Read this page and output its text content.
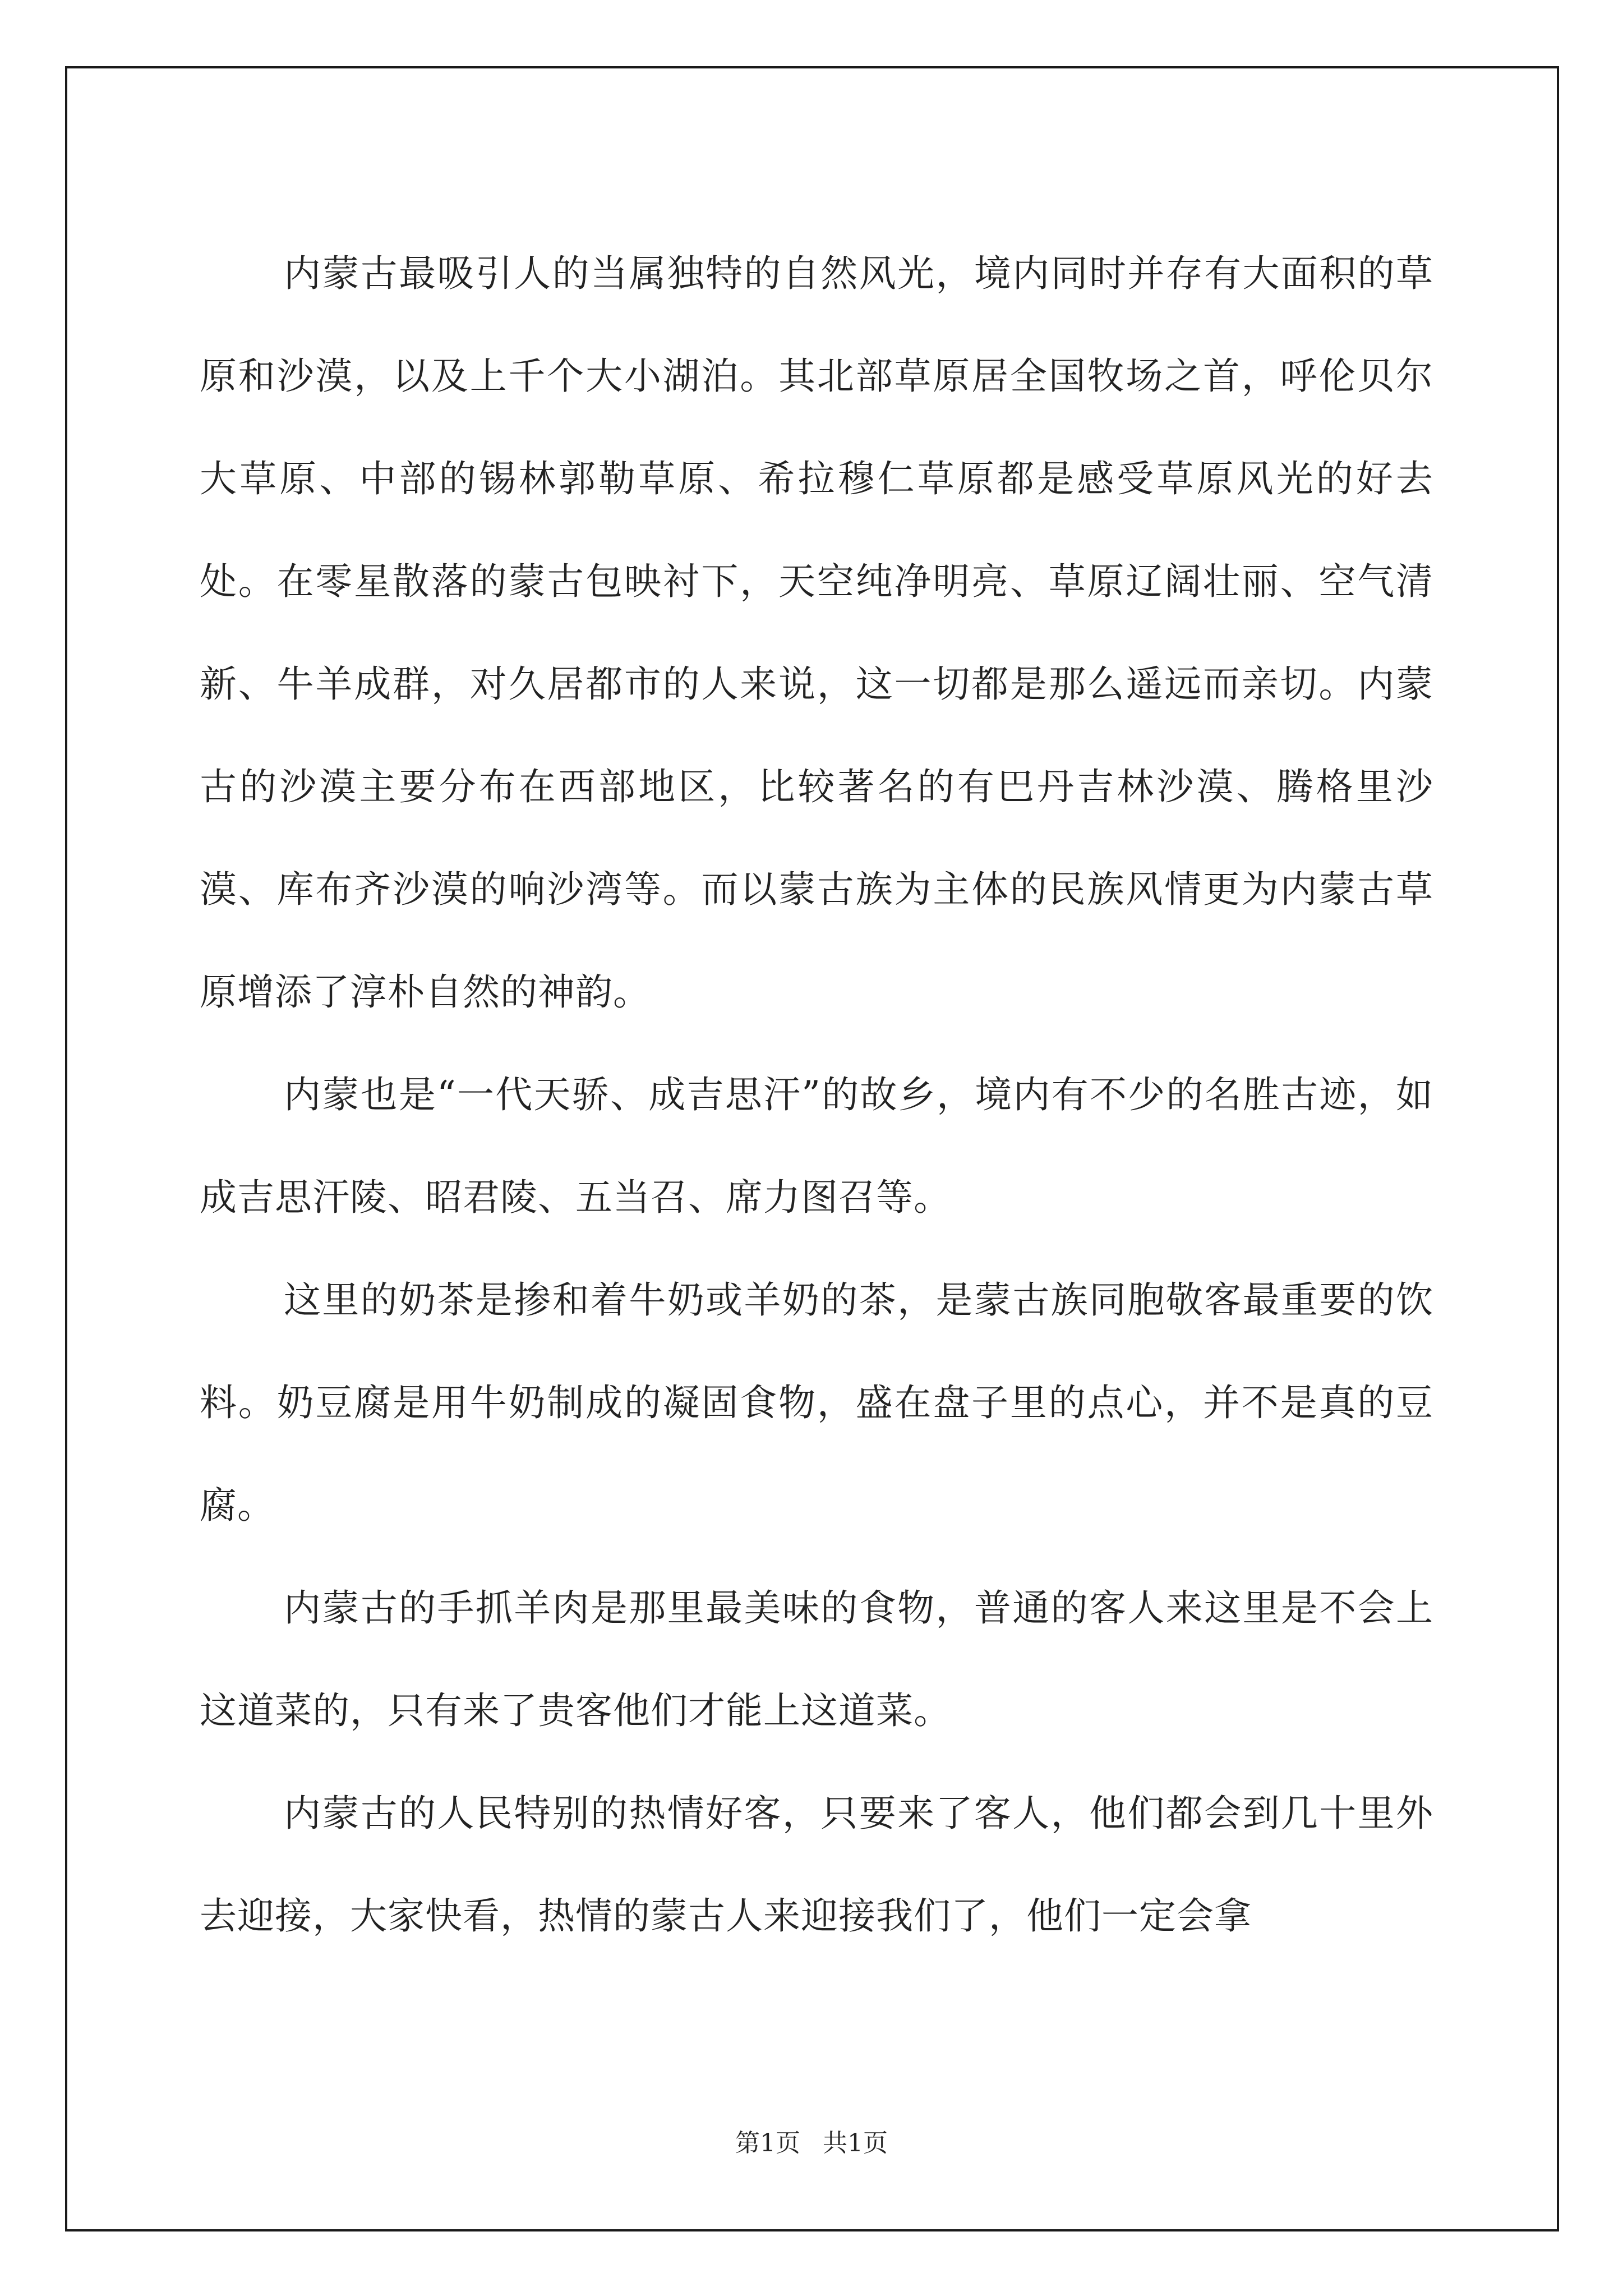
内蒙古最吸引人的当属独特的自然风光，境内同时并存有大面积的草原和沙漠，以及上千个大小湖泊。其北部草原居全国牧场之首，呼伦贝尔大草原、中部的锡林郭勒草原、希拉穆仁草原都是感受草原风光的好去处。在零星散落的蒙古包映衬下，天空纯净明亮、草原辽阔壮丽、空气清新、牛羊成群，对久居都市的人来说，这一切都是那么遥远而亲切。内蒙古的沙漠主要分布在西部地区，比较著名的有巴丹吉林沙漠、腾格里沙漠、库布齐沙漠的响沙湾等。而以蒙古族为主体的民族风情更为内蒙古草原增添了淳朴自然的神韵。

内蒙也是“一代天骄、成吉思汗”的故乡，境内有不少的名胜古迹，如成吉思汗陵、昭君陵、五当召、席力图召等。

这里的奶茶是掺和着牛奶或羊奶的茶，是蒙古族同胞敬客最重要的饮料。奶豆腐是用牛奶制成的凝固食物，盛在盘子里的点心，并不是真的豆腐。

内蒙古的手抓羊肉是那里最美味的食物，普通的客人来这里是不会上这道菜的，只有来了贵客他们才能上这道菜。

内蒙古的人民特别的热情好客，只要来了客人，他们都会到几十里外去迎接，大家快看，热情的蒙古人来迎接我们了，他们一定会拿

第1页 共1页
